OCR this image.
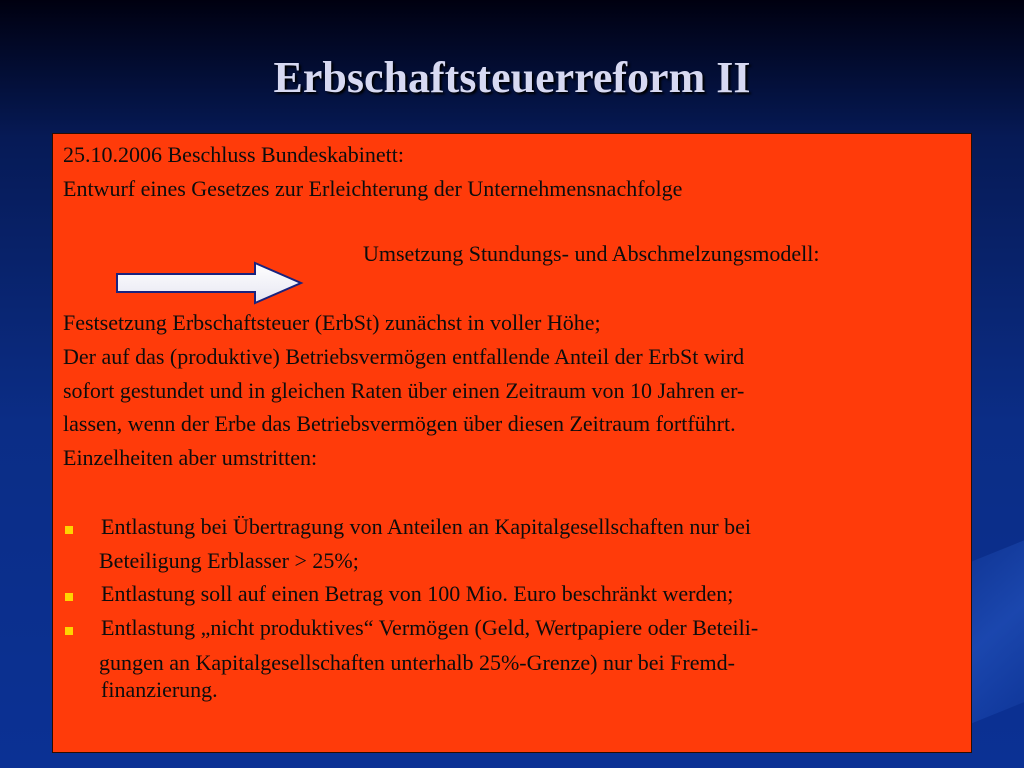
Erbschaftsteuerreform II
25.10.2006 Beschluss Bundeskabinett:
Entwurf eines Gesetzes zur Erleichterung der Unternehmensnachfolge
Umsetzung Stundungs- und Abschmelzungsmodell:
Festsetzung Erbschaftsteuer (ErbSt) zunächst in voller Höhe;
Der auf das (produktive) Betriebsvermögen entfallende Anteil der ErbSt wird
sofort gestundet und in gleichen Raten über einen Zeitraum von 10 Jahren er-
lassen, wenn der Erbe das Betriebsvermögen über diesen Zeitraum fortführt.
Einzelheiten aber umstritten:
Entlastung bei Übertragung von Anteilen an Kapitalgesellschaften nur bei
Beteiligung Erblasser > 25%;
Entlastung soll auf einen Betrag von 100 Mio. Euro beschränkt werden;
Entlastung „nicht produktives“ Vermögen (Geld, Wertpapiere oder Beteili-
gungen an Kapitalgesellschaften unterhalb 25%-Grenze) nur bei Fremd-
finanzierung.
